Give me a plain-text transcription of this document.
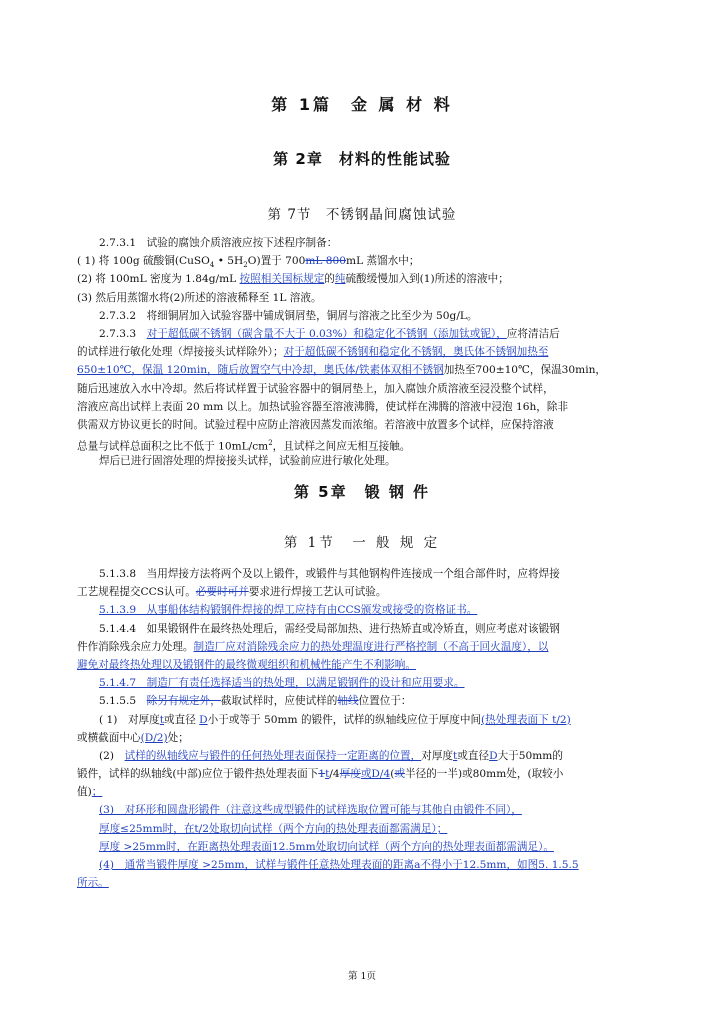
第 1篇　金 属 材 料
第 2章　材料的性能试验
第 7节　不锈钢晶间腐蚀试验
2.7.3.1　试验的腐蚀介质溶液应按下述程序制备：
( 1) 将 100g 硫酸铜(CuSO$_4$ • $5H_2O$)置于 700mL 800mL 蒸馏水中；
(2) 将 100mL 密度为 1.84g/mL 按照相关国标规定的纯硫酸缓慢加入到(1)所述的溶液中；
(3) 然后用蒸馏水将(2)所述的溶液稀释至 1L 溶液。
2.7.3.2　将细铜屑加入试验容器中铺成铜屑垫，铜屑与溶液之比至少为 50g/L。
2.7.3.3　对于超低碳不锈钢（碳含量不大于 0.03%）和稳定化不锈钢（添加钛或铌），应将清洁后
的试样进行敏化处理（焊接接头试样除外）；对于超低碳不锈钢和稳定化不锈钢，奥氏体不锈钢加热至
650±10℃，保温 120min，随后放置空气中冷却，奥氏体/铁素体双相不锈钢加热至700±10℃，保温30min，
随后迅速放入水中冷却。然后将试样置于试验容器中的铜屑垫上，加入腐蚀介质溶液至浸没整个试样，
溶液应高出试样上表面 20 mm 以上。加热试验容器至溶液沸腾，使试样在沸腾的溶液中浸泡 16h，除非
供需双方协议更长的时间。试验过程中应防止溶液因蒸发而浓缩。若溶液中放置多个试样，应保持溶液
总量与试样总面积之比不低于 $10mL/cm^2$，且试样之间应无相互接触。
焊后已进行固溶处理的焊接接头试样，试验前应进行敏化处理。
第 5章　锻 钢 件
第 1节　一 般 规 定
5.1.3.8　当用焊接方法将两个及以上锻件，或锻件与其他钢构件连接成一个组合部件时，应将焊接
工艺规程提交CCS认可。必要时可并要求进行焊接工艺认可试验。
5.1.3.9　从事船体结构锻钢件焊接的焊工应持有由CCS颁发或接受的资格证书。
5.1.4.4　如果锻钢件在最终热处理后，需经受局部加热、进行热矫直或冷矫直，则应考虑对该锻钢
件作消除残余应力处理。制造厂应对消除残余应力的热处理温度进行严格控制（不高于回火温度），以
避免对最终热处理以及锻钢件的最终微观组织和机械性能产生不利影响。
5.1.4.7　制造厂有责任选择适当的热处理，以满足锻钢件的设计和应用要求。
5.1.5.5　除另有规定外，截取试样时，应使试样的轴线位置位于：
( 1)　对厚度t或直径 D小于或等于 50mm 的锻件，试样的纵轴线应位于厚度中间(热处理表面下 t/2)
或横截面中心(D/2)处；
(2)　试样的纵轴线应与锻件的任何热处理表面保持一定距离的位置，对厚度t或直径D大于50mm的
锻件，试样的纵轴线(中部)应位于锻件热处理表面下1t/4厚度或D/4(或半径的一半)或80mm处，(取较小
值)；
(3)　对环形和圆盘形锻件（注意这些成型锻件的试样选取位置可能与其他自由锻件不同），
厚度≤25mm时，在t/2处取切向试样（两个方向的热处理表面都需满足）；
厚度 >25mm时，在距离热处理表面12.5mm处取切向试样（两个方向的热处理表面都需满足）。
(4)　通常当锻件厚度 >25mm，试样与锻件任意热处理表面的距离a不得小于12.5mm，如图5. 1.5.5
所示。
第 1页
